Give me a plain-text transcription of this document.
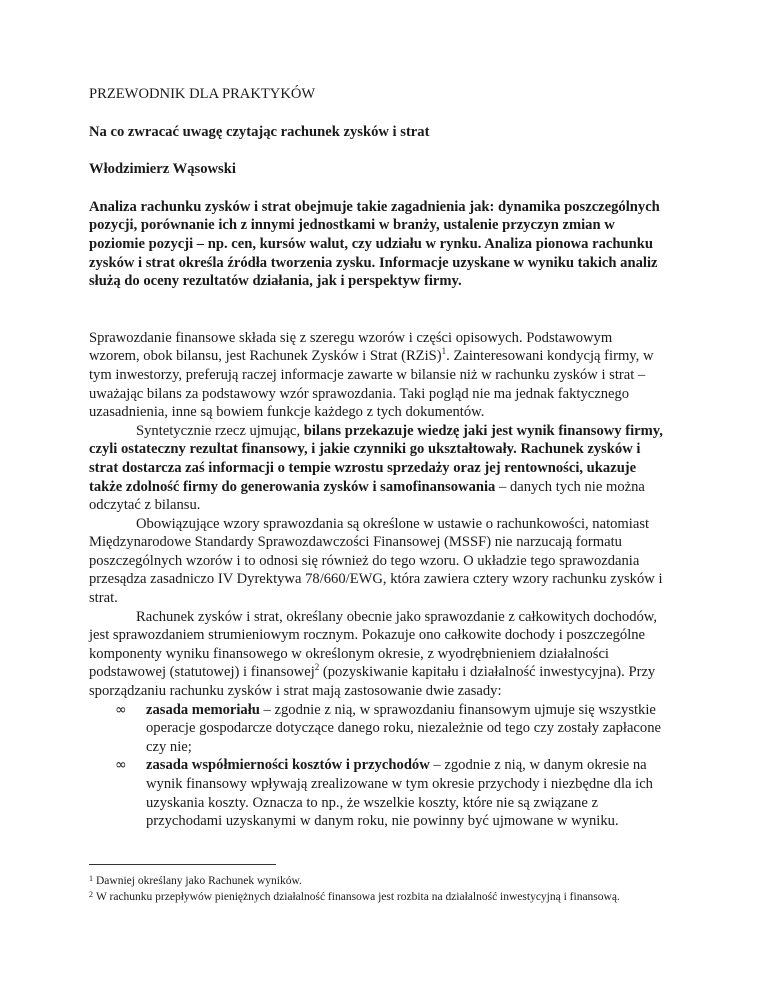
PRZEWODNIK DLA PRAKTYKÓW

Na co zwracać uwagę czytając rachunek zysków i strat

Włodzimierz Wąsowski

Analiza rachunku zysków i strat obejmuje takie zagadnienia jak: dynamika poszczególnych pozycji, porównanie ich z innymi jednostkami w branży, ustalenie przyczyn zmian w poziomie pozycji – np. cen, kursów walut, czy udziału w rynku. Analiza pionowa rachunku zysków i strat określa źródła tworzenia zysku. Informacje uzyskane w wyniku takich analiz służą do oceny rezultatów działania, jak i perspektyw firmy.

Sprawozdanie finansowe składa się z szeregu wzorów i części opisowych. Podstawowym wzorem, obok bilansu, jest Rachunek Zysków i Strat (RZiS)$^1$. Zainteresowani kondycją firmy, w tym inwestorzy, preferują raczej informacje zawarte w bilansie niż w rachunku zysków i strat – uważając bilans za podstawowy wzór sprawozdania. Taki pogląd nie ma jednak faktycznego uzasadnienia, inne są bowiem funkcje każdego z tych dokumentów.

Syntetycznie rzecz ujmując, bilans przekazuje wiedzę jaki jest wynik finansowy firmy, czyli ostateczny rezultat finansowy, i jakie czynniki go ukształtowały. Rachunek zysków i strat dostarcza zaś informacji o tempie wzrostu sprzedaży oraz jej rentowności, ukazuje także zdolność firmy do generowania zysków i samofinansowania – danych tych nie można odczytać z bilansu.

Obowiązujące wzory sprawozdania są określone w ustawie o rachunkowości, natomiast Międzynarodowe Standardy Sprawozdawczości Finansowej (MSSF) nie narzucają formatu poszczególnych wzorów i to odnosi się również do tego wzoru. O układzie tego sprawozdania przesądza zasadniczo IV Dyrektywa 78/660/EWG, która zawiera cztery wzory rachunku zysków i strat.

Rachunek zysków i strat, określany obecnie jako sprawozdanie z całkowitych dochodów, jest sprawozdaniem strumieniowym rocznym. Pokazuje ono całkowite dochody i poszczególne komponenty wyniku finansowego w określonym okresie, z wyodrębnieniem działalności podstawowej (statutowej) i finansowej$^2$ (pozyskiwanie kapitału i działalność inwestycyjna). Przy sporządzaniu rachunku zysków i strat mają zastosowanie dwie zasady:

∞ zasada memoriału – zgodnie z nią, w sprawozdaniu finansowym ujmuje się wszystkie operacje gospodarcze dotyczące danego roku, niezależnie od tego czy zostały zapłacone czy nie;
∞ zasada współmierności kosztów i przychodów – zgodnie z nią, w danym okresie na wynik finansowy wpływają zrealizowane w tym okresie przychody i niezbędne dla ich uzyskania koszty. Oznacza to np., że wszelkie koszty, które nie są związane z przychodami uzyskanymi w danym roku, nie powinny być ujmowane w wyniku.

$^1$ Dawniej określany jako Rachunek wyników.

$^2$ W rachunku przepływów pieniężnych działalność finansowa jest rozbita na działalność inwestycyjną i finansową.
